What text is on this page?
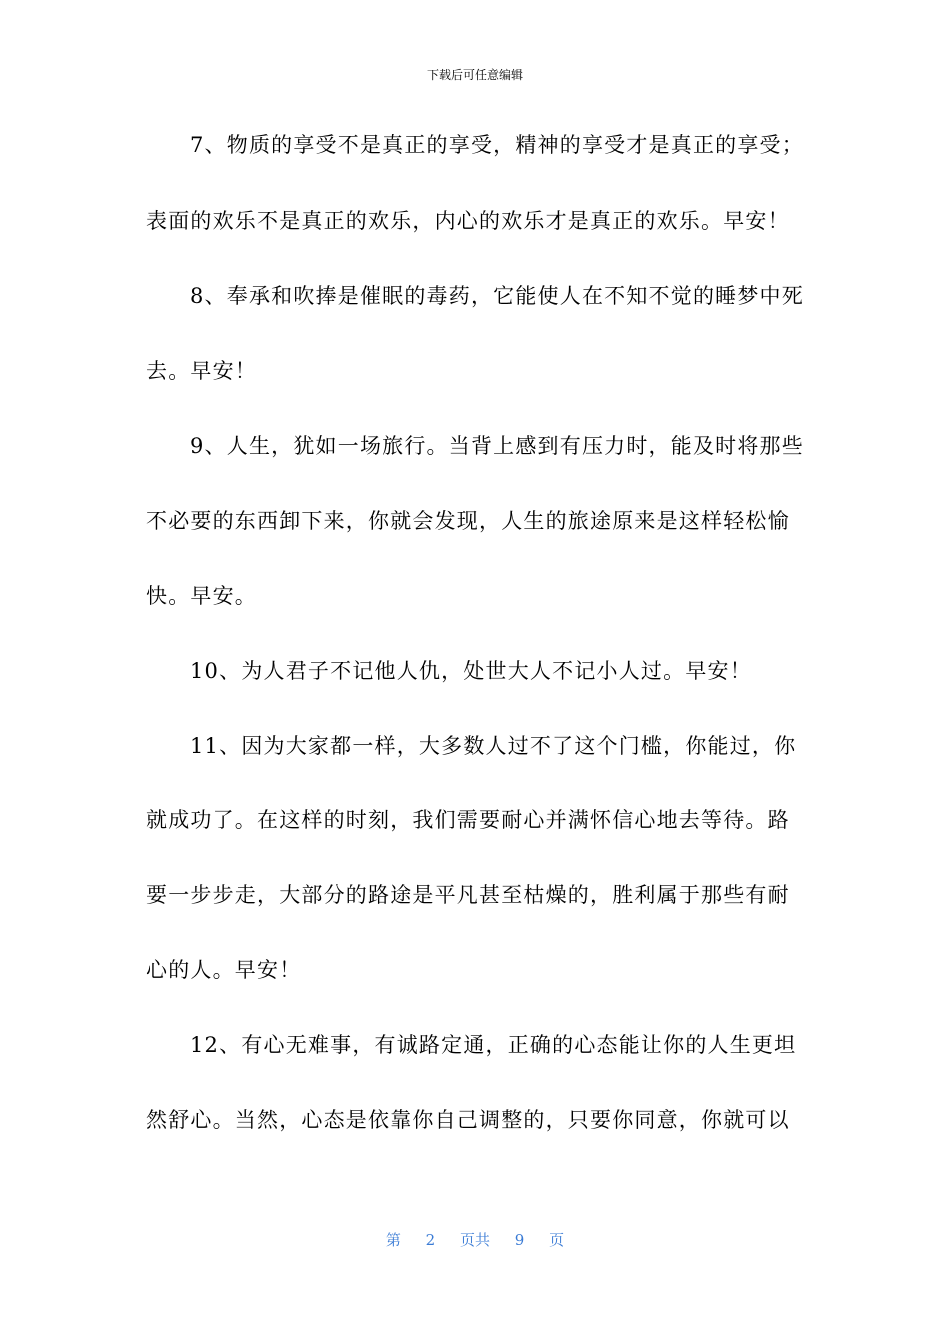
下载后可任意编辑
7、物质的享受不是真正的享受，精神的享受才是真正的享受；
表面的欢乐不是真正的欢乐，内心的欢乐才是真正的欢乐。早安！
8、奉承和吹捧是催眠的毒药，它能使人在不知不觉的睡梦中死
去。早安！
9、人生，犹如一场旅行。当背上感到有压力时，能及时将那些
不必要的东西卸下来，你就会发现，人生的旅途原来是这样轻松愉
快。早安。
10、为人君子不记他人仇，处世大人不记小人过。早安！
11、因为大家都一样，大多数人过不了这个门槛，你能过，你
就成功了。在这样的时刻，我们需要耐心并满怀信心地去等待。路
要一步步走，大部分的路途是平凡甚至枯燥的，胜利属于那些有耐
心的人。早安！
12、有心无难事，有诚路定通，正确的心态能让你的人生更坦
然舒心。当然，心态是依靠你自己调整的，只要你同意，你就可以
第 2 页共 9 页
